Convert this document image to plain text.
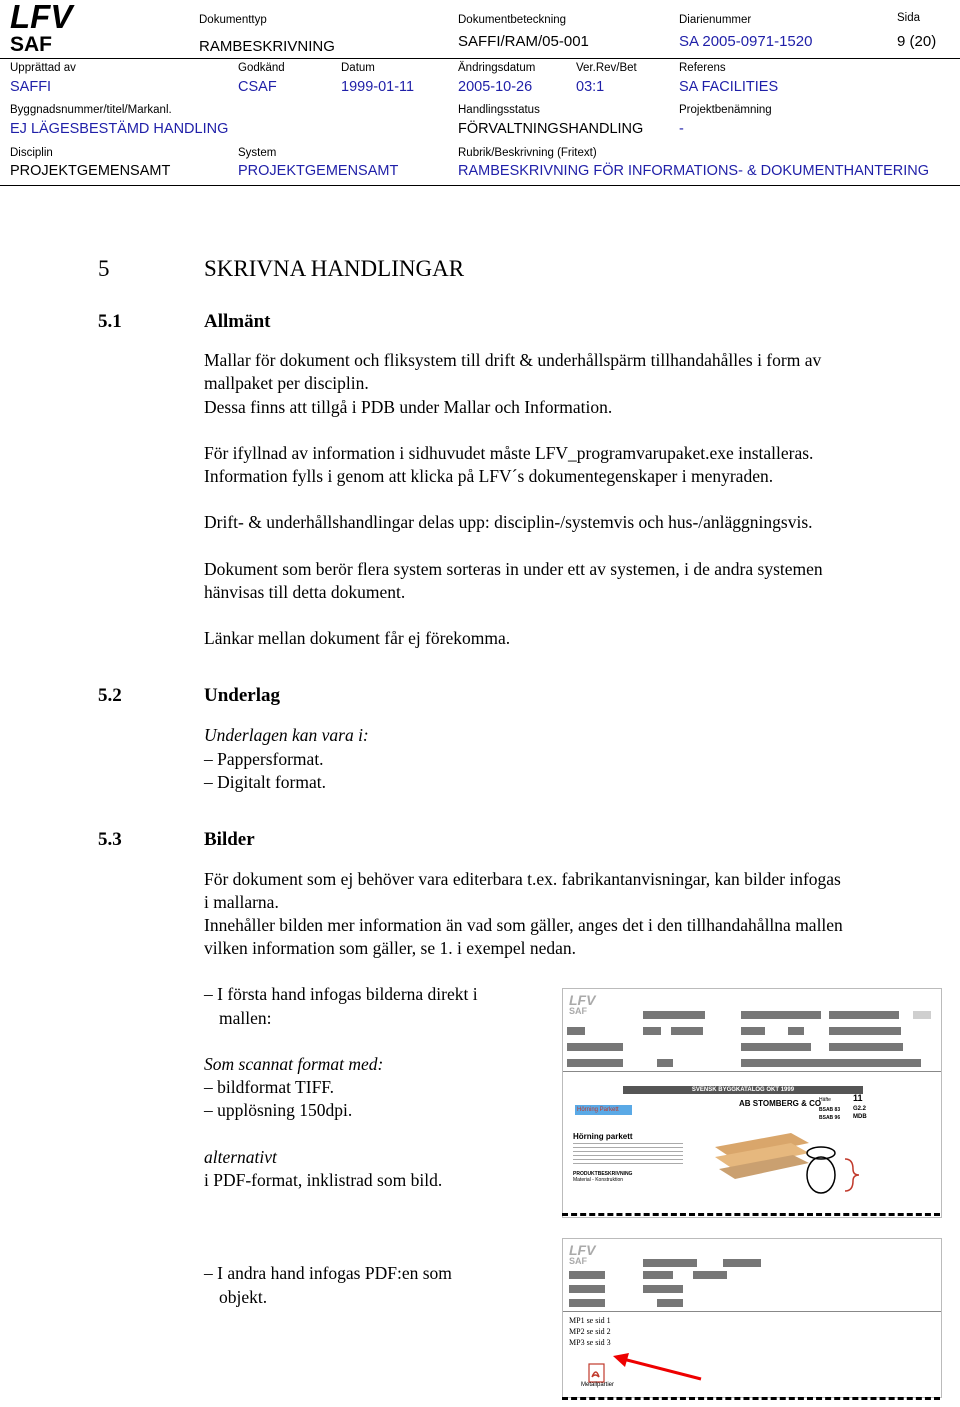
LFV
SAF
Dokumenttyp
RAMBESKRIVNING
Dokumentbeteckning
SAFFI/RAM/05-001
Diarienummer
SA 2005-0971-1520
Sida
9 (20)
Upprättad av
SAFFI
Godkänd
CSAF
Datum
1999-01-11
Ändringsdatum
2005-10-26
Ver.Rev/Bet
03:1
Referens
SA FACILITIES
Byggnadsnummer/titel/Markanl.
EJ LÄGESBESTÄMD HANDLING
Handlingsstatus
FÖRVALTNINGSHANDLING
Projektbenämning
-
Disciplin
PROJEKTGEMENSAMT
System
PROJEKTGEMENSAMT
Rubrik/Beskrivning (Fritext)
RAMBESKRIVNING FÖR INFORMATIONS- & DOKUMENTHANTERING
5	SKRIVNA HANDLINGAR
5.1	Allmänt
Mallar för dokument och fliksystem till drift & underhållspärm tillhandahålles i form av
mallpaket per disciplin.
Dessa finns att tillgå i PDB under Mallar och Information.
För ifyllnad av information i sidhuvudet måste LFV_programvarupaket.exe installeras.
Information fylls i genom att klicka på LFV´s dokumentegenskaper i menyraden.
Drift- & underhållshandlingar delas upp: disciplin-/systemvis och hus-/anläggningsvis.
Dokument som berör flera system sorteras in under ett av systemen, i de andra systemen
hänvisas till detta dokument.
Länkar mellan dokument får ej förekomma.
5.2	Underlag
Underlagen kan vara i:
– Pappersformat.
– Digitalt format.
5.3	Bilder
För dokument som ej behöver vara editerbara t.ex. fabrikantanvisningar, kan bilder infogas
i mallarna.
Innehåller bilden mer information än vad som gäller, anges det i den tillhandahållna mallen
vilken information som gäller, se 1. i exempel nedan.
– I första hand infogas bilderna direkt i
mallen:
Som scannat format med:
– bildformat TIFF.
– upplösning 150dpi.
alternativt
i PDF-format, inklistrad som bild.
– I andra hand infogas PDF:en som
objekt.
LFV
SAF
SVENSK BYGGKATALOG OKT 1999
AB STOMBERG & CO
Hörning Parkett
Häfte 11
BSAB 83 G2.2
BSAB 96 MDB
Hörning parkett
PRODUKTBESKRIVNING
Material - Konstruktion
LFV
SAF
MP1 se sid 1
MP2 se sid 2
MP3 se sid 3
Metallpartier
